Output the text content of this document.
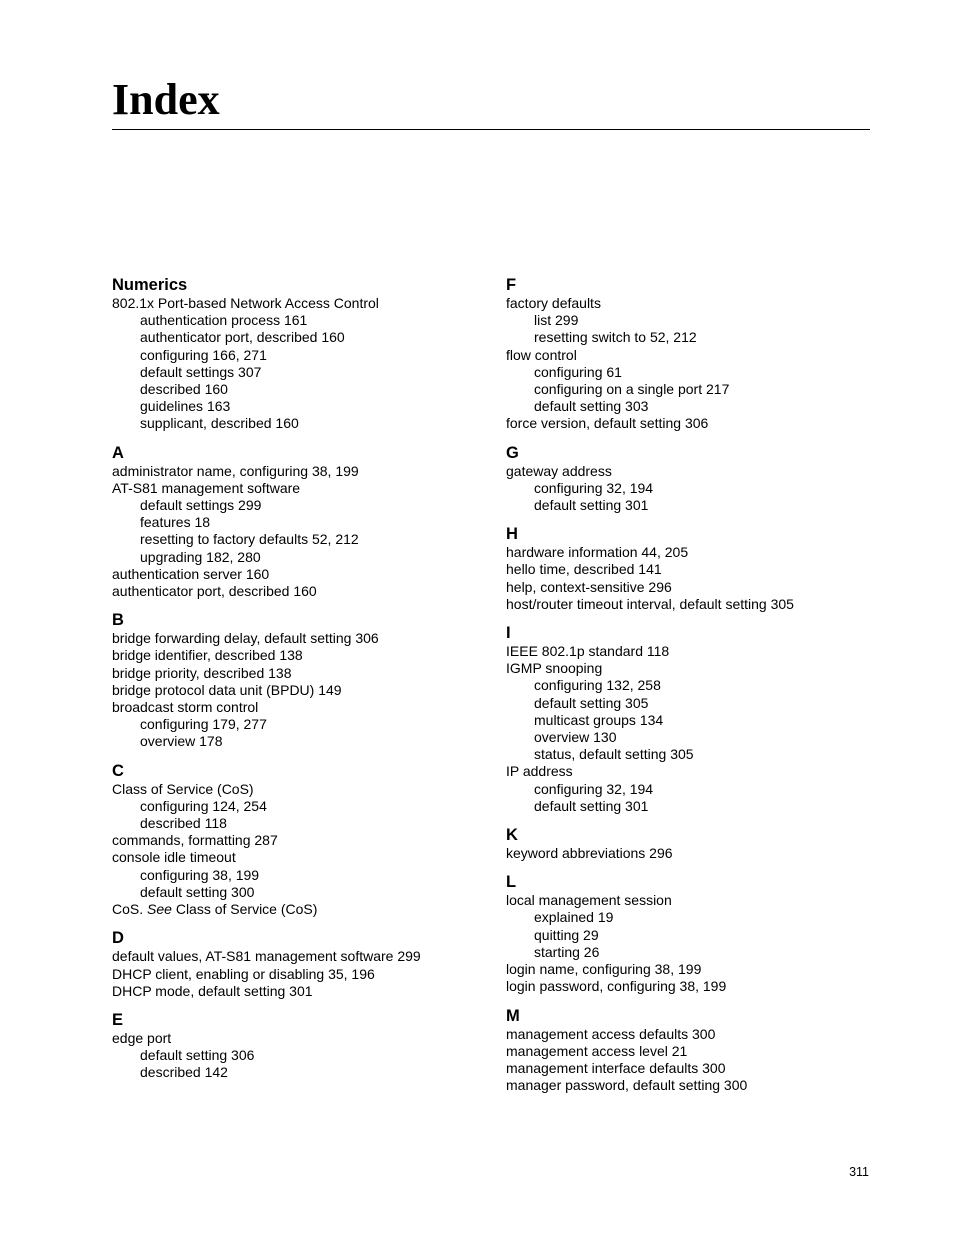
Index
Numerics
802.1x Port-based Network Access Control
authentication process 161
authenticator port, described 160
configuring 166, 271
default settings 307
described 160
guidelines 163
supplicant, described 160
A
administrator name, configuring 38, 199
AT-S81 management software
default settings 299
features 18
resetting to factory defaults 52, 212
upgrading 182, 280
authentication server 160
authenticator port, described 160
B
bridge forwarding delay, default setting 306
bridge identifier, described 138
bridge priority, described 138
bridge protocol data unit (BPDU) 149
broadcast storm control
configuring 179, 277
overview 178
C
Class of Service (CoS)
configuring 124, 254
described 118
commands, formatting 287
console idle timeout
configuring 38, 199
default setting 300
CoS. See Class of Service (CoS)
D
default values, AT-S81 management software 299
DHCP client, enabling or disabling 35, 196
DHCP mode, default setting 301
E
edge port
default setting 306
described 142
F
factory defaults
list 299
resetting switch to 52, 212
flow control
configuring 61
configuring on a single port 217
default setting 303
force version, default setting 306
G
gateway address
configuring 32, 194
default setting 301
H
hardware information 44, 205
hello time, described 141
help, context-sensitive 296
host/router timeout interval, default setting 305
I
IEEE 802.1p standard 118
IGMP snooping
configuring 132, 258
default setting 305
multicast groups 134
overview 130
status, default setting 305
IP address
configuring 32, 194
default setting 301
K
keyword abbreviations 296
L
local management session
explained 19
quitting 29
starting 26
login name, configuring 38, 199
login password, configuring 38, 199
M
management access defaults 300
management access level 21
management interface defaults 300
manager password, default setting 300
311
